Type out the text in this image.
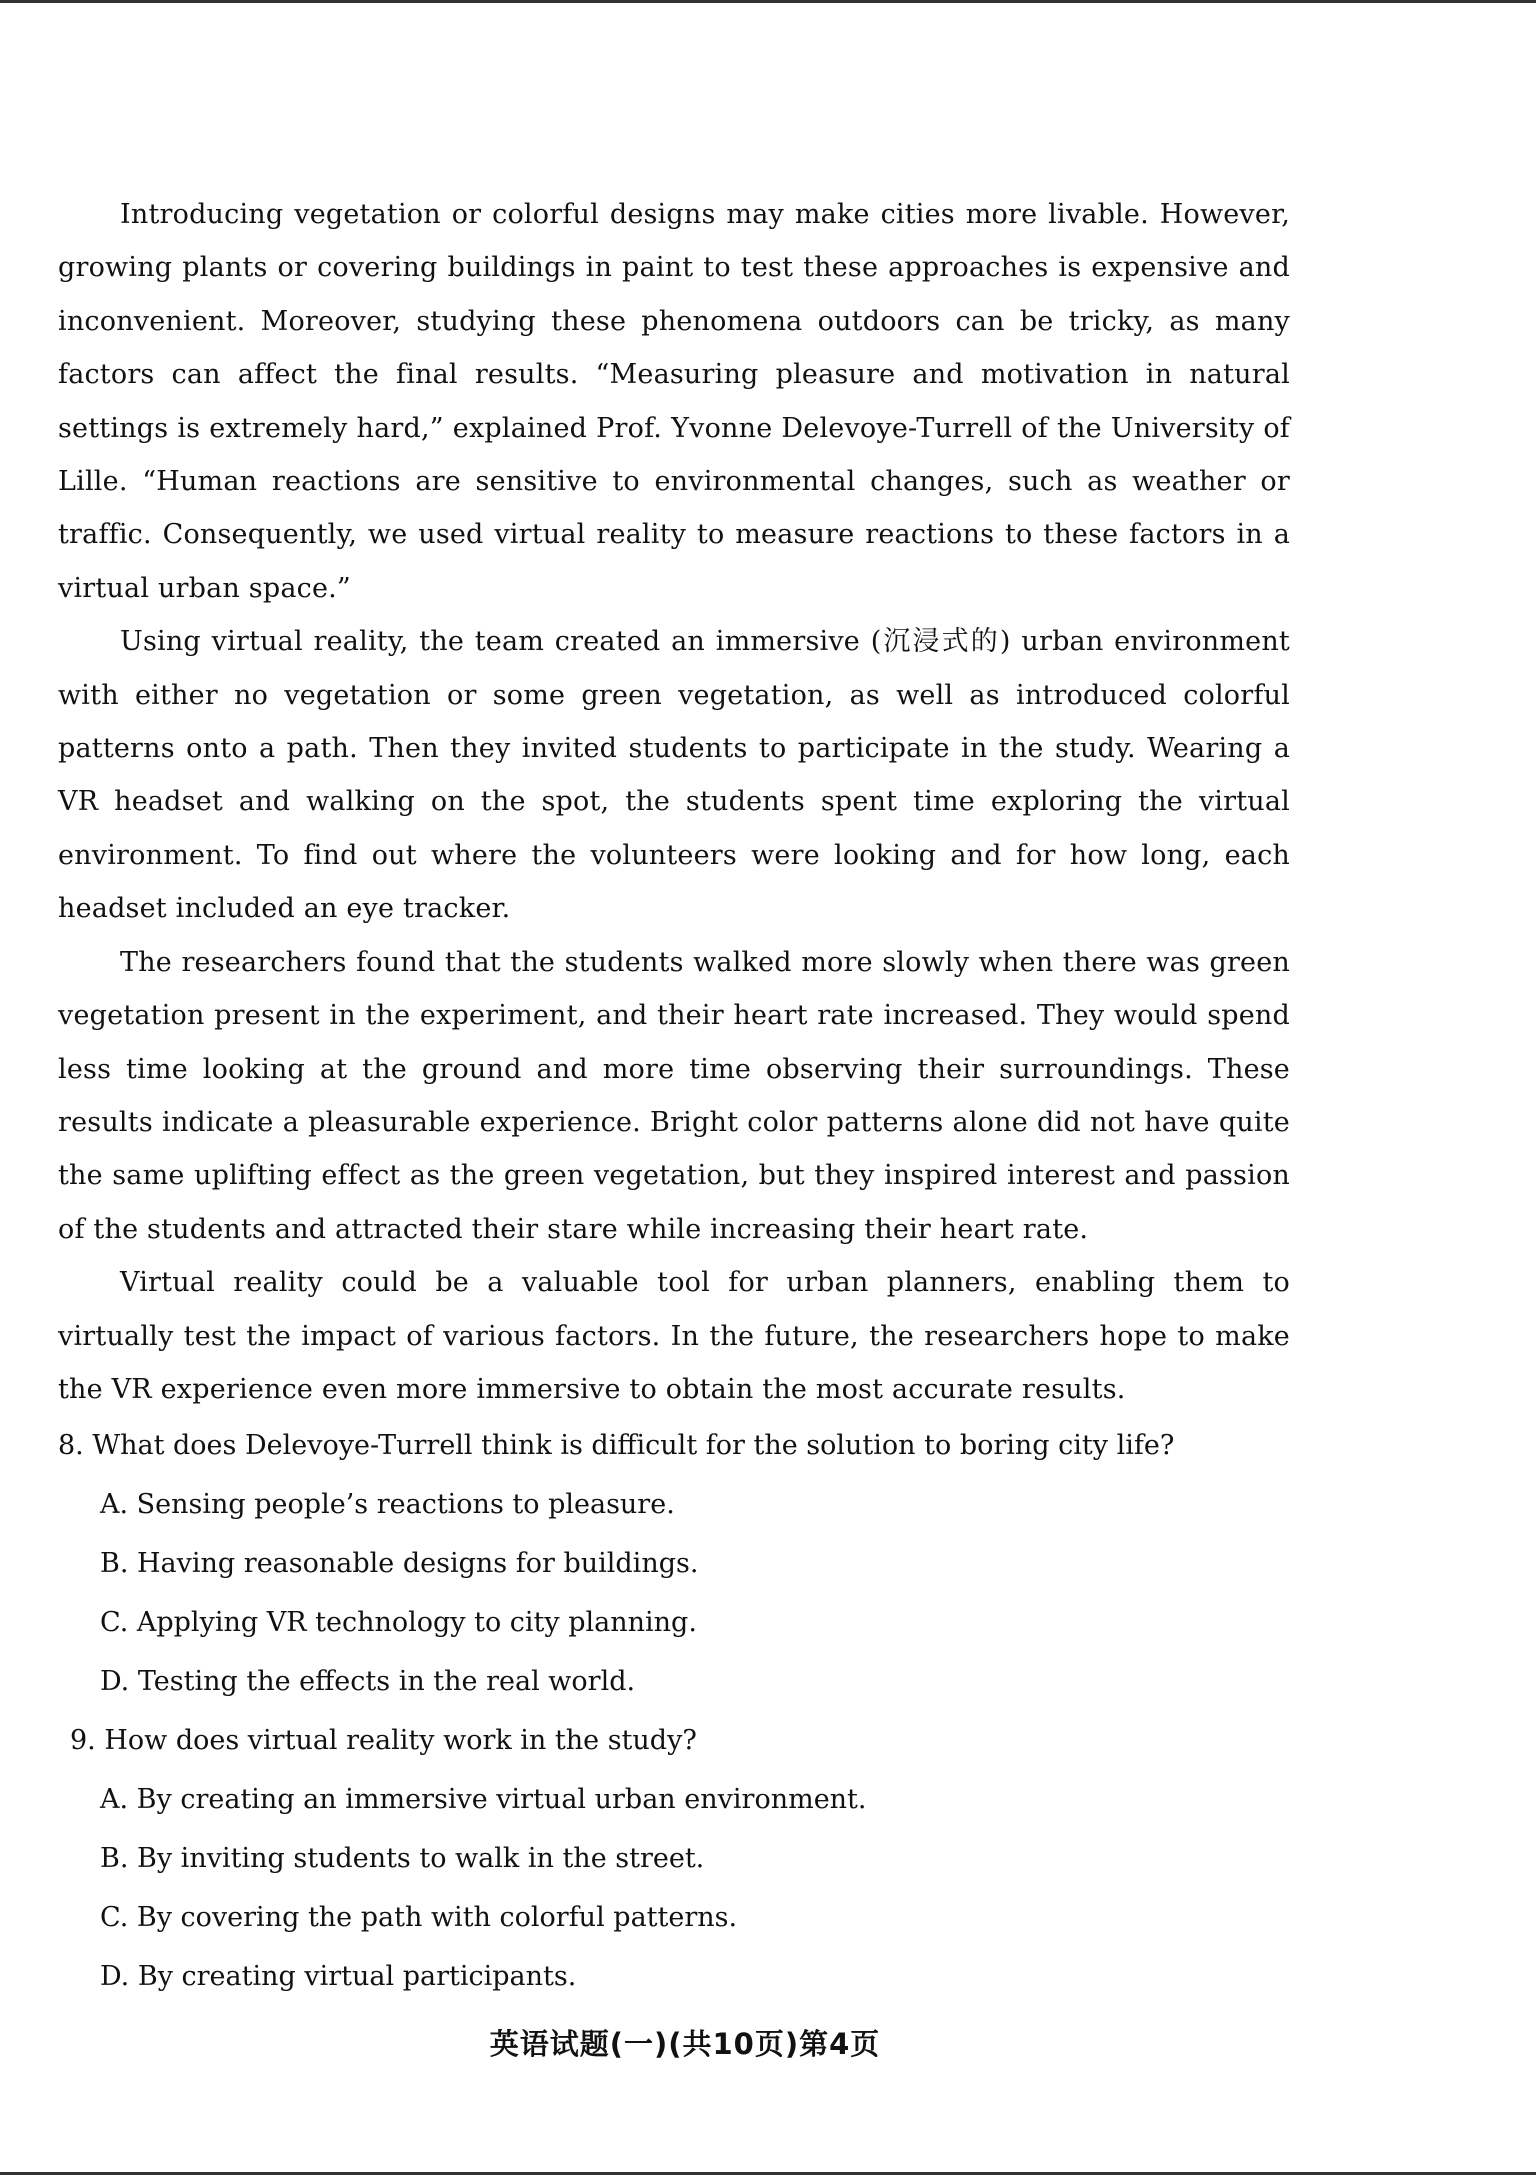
Introducing vegetation or colorful designs may make cities more livable. However, growing plants or covering buildings in paint to test these approaches is expensive and inconvenient. Moreover, studying these phenomena outdoors can be tricky, as many factors can affect the final results. “Measuring pleasure and motivation in natural settings is extremely hard,” explained Prof. Yvonne Delevoye-Turrell of the University of Lille. “Human reactions are sensitive to environmental changes, such as weather or traffic. Consequently, we used virtual reality to measure reactions to these factors in a virtual urban space.”

Using virtual reality, the team created an immersive (沉浸式的) urban environment with either no vegetation or some green vegetation, as well as introduced colorful patterns onto a path. Then they invited students to participate in the study. Wearing a VR headset and walking on the spot, the students spent time exploring the virtual environment. To find out where the volunteers were looking and for how long, each headset included an eye tracker.

The researchers found that the students walked more slowly when there was green vegetation present in the experiment, and their heart rate increased. They would spend less time looking at the ground and more time observing their surroundings. These results indicate a pleasurable experience. Bright color patterns alone did not have quite the same uplifting effect as the green vegetation, but they inspired interest and passion of the students and attracted their stare while increasing their heart rate.

Virtual reality could be a valuable tool for urban planners, enabling them to virtually test the impact of various factors. In the future, the researchers hope to make the VR experience even more immersive to obtain the most accurate results.

8. What does Delevoye-Turrell think is difficult for the solution to boring city life?
A. Sensing people’s reactions to pleasure.
B. Having reasonable designs for buildings.
C. Applying VR technology to city planning.
D. Testing the effects in the real world.
9. How does virtual reality work in the study?
A. By creating an immersive virtual urban environment.
B. By inviting students to walk in the street.
C. By covering the path with colorful patterns.
D. By creating virtual participants.
英语试题(一)(共10页)第4页
